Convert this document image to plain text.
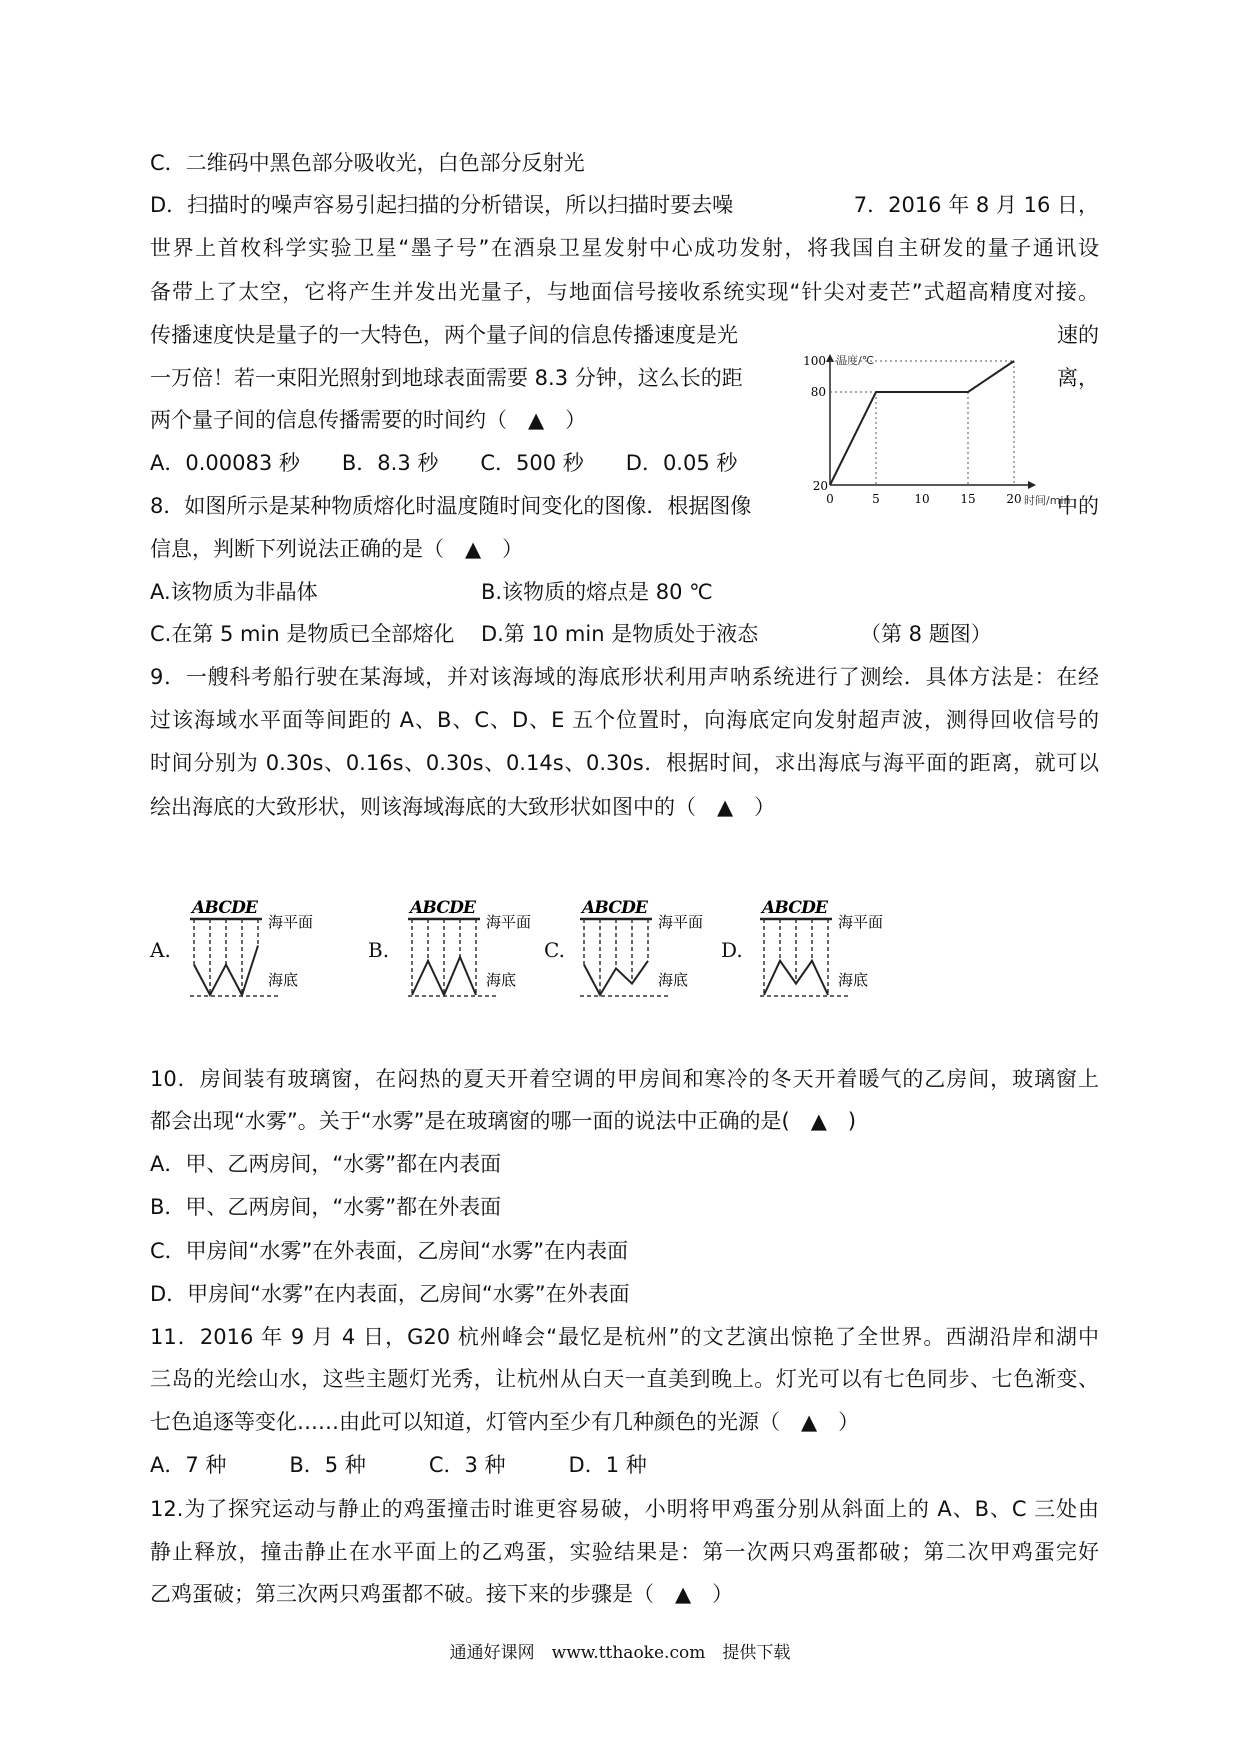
C．二维码中黑色部分吸收光，白色部分反射光
D．扫描时的噪声容易引起扫描的分析错误，所以扫描时要去噪	7．2016 年 8 月 16 日，
世界上首枚科学实验卫星“墨子号”在酒泉卫星发射中心成功发射，将我国自主研发的量子通讯设
备带上了太空，它将产生并发出光量子，与地面信号接收系统实现“针尖对麦芒”式超高精度对接。
传播速度快是量子的一大特色，两个量子间的信息传播速度是光	速的
一万倍！若一束阳光照射到地球表面需要 8.3 分钟，这么长的距	离，
两个量子间的信息传播需要的时间约（　▲　）
A．0.00083 秒　　B．8.3 秒　　C．500 秒　　D．0.05 秒
8．如图所示是某种物质熔化时温度随时间变化的图像．根据图像	中的
信息，判断下列说法正确的是（　▲　）
A.该物质为非晶体	B.该物质的熔点是 80 ℃
C.在第 5 min 是物质已全部熔化 D.第 10 min 是物质处于液态	（第 8 题图）
9．一艘科考船行驶在某海域，并对该海域的海底形状利用声呐系统进行了测绘．具体方法是：在经
过该海域水平面等间距的 A、B、C、D、E 五个位置时，向海底定向发射超声波，测得回收信号的
时间分别为 0.30s、0.16s、0.30s、0.14s、0.30s．根据时间，求出海底与海平面的距离，就可以
绘出海底的大致形状，则该海域海底的大致形状如图中的（　▲　）
温度/℃
时间/min
0	5	10	15	20
20
80
100
A.
ABCDE
海平面
海底
B.
ABCDE
海平面
海底
C.
ABCDE
海平面
海底
D.
ABCDE
海平面
海底
10．房间装有玻璃窗，在闷热的夏天开着空调的甲房间和寒冷的冬天开着暖气的乙房间，玻璃窗上
都会出现“水雾”。关于“水雾”是在玻璃窗的哪一面的说法中正确的是(　▲　)
A．甲、乙两房间，“水雾”都在内表面
B．甲、乙两房间，“水雾”都在外表面
C．甲房间“水雾”在外表面，乙房间“水雾”在内表面
D．甲房间“水雾”在内表面，乙房间“水雾”在外表面
11．2016 年 9 月 4 日，G20 杭州峰会“最忆是杭州”的文艺演出惊艳了全世界。西湖沿岸和湖中
三岛的光绘山水，这些主题灯光秀，让杭州从白天一直美到晚上。灯光可以有七色同步、七色渐变、
七色追逐等变化……由此可以知道，灯管内至少有几种颜色的光源（　▲　）
A．7 种　　　B．5 种　　　C．3 种　　　D．1 种
12.为了探究运动与静止的鸡蛋撞击时谁更容易破，小明将甲鸡蛋分别从斜面上的 A、B、C 三处由
静止释放，撞击静止在水平面上的乙鸡蛋，实验结果是：第一次两只鸡蛋都破；第二次甲鸡蛋完好
乙鸡蛋破；第三次两只鸡蛋都不破。接下来的步骤是（　▲　）
通通好课网　www.tthaoke.com　提供下载
